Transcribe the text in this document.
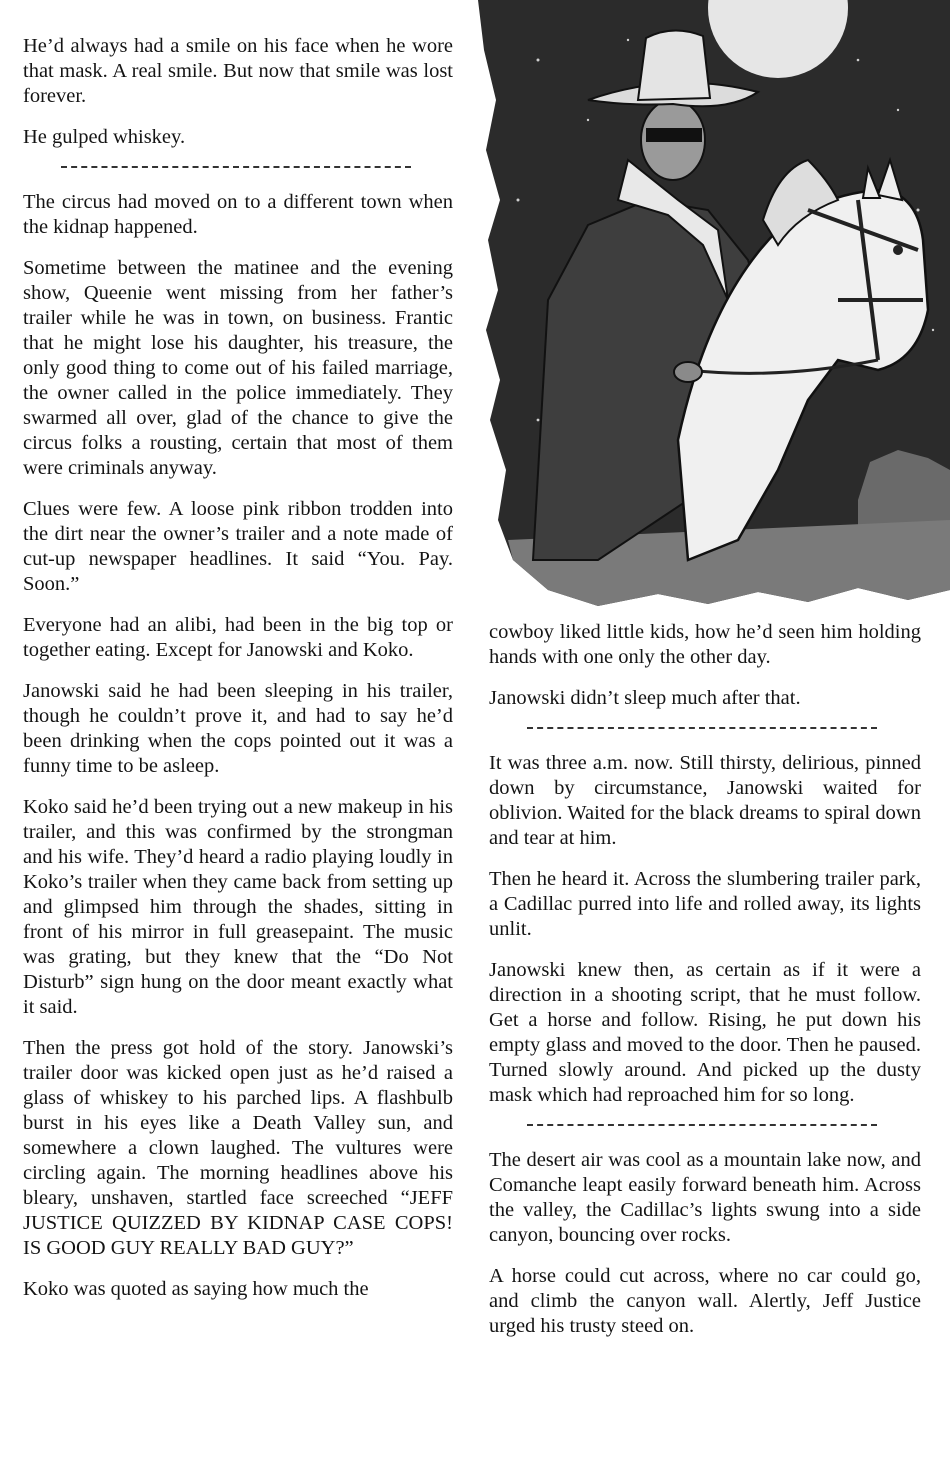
He’d always had a smile on his face when he wore that mask. A real smile. But now that smile was lost forever.

He gulped whiskey.

The circus had moved on to a different town when the kidnap happened.

Sometime between the matinee and the evening show, Queenie went missing from her father’s trailer while he was in town, on business. Frantic that he might lose his daughter, his treasure, the only good thing to come out of his failed marriage, the owner called in the police immediately. They swarmed all over, glad of the chance to give the circus folks a rousting, certain that most of them were criminals anyway.

Clues were few. A loose pink ribbon trodden into the dirt near the owner’s trailer and a note made of cut-up newspaper headlines. It said “You. Pay. Soon.”

Everyone had an alibi, had been in the big top or together eating. Except for Janowski and Koko.

Janowski said he had been sleeping in his trailer, though he couldn’t prove it, and had to say he’d been drinking when the cops pointed out it was a funny time to be asleep.

Koko said he’d been trying out a new makeup in his trailer, and this was confirmed by the strongman and his wife. They’d heard a radio playing loudly in Koko’s trailer when they came back from setting up and glimpsed him through the shades, sitting in front of his mirror in full greasepaint. The music was grating, but they knew that the “Do Not Disturb” sign hung on the door meant exactly what it said.

Then the press got hold of the story. Janowski’s trailer door was kicked open just as he’d raised a glass of whiskey to his parched lips. A flashbulb burst in his eyes like a Death Valley sun, and somewhere a clown laughed. The vultures were circling again. The morning headlines above his bleary, unshaven, startled face screeched “JEFF JUSTICE QUIZZED BY KIDNAP CASE COPS! IS GOOD GUY REALLY BAD GUY?”

Koko was quoted as saying how much the

cowboy liked little kids, how he’d seen him holding hands with one only the other day.

Janowski didn’t sleep much after that.

It was three a.m. now. Still thirsty, delirious, pinned down by circumstance, Janowski waited for oblivion. Waited for the black dreams to spiral down and tear at him.

Then he heard it. Across the slumbering trailer park, a Cadillac purred into life and rolled away, its lights unlit.

Janowski knew then, as certain as if it were a direction in a shooting script, that he must follow. Get a horse and follow. Rising, he put down his empty glass and moved to the door. Then he paused. Turned slowly around. And picked up the dusty mask which had reproached him for so long.

The desert air was cool as a mountain lake now, and Comanche leapt easily forward beneath him. Across the valley, the Cadillac’s lights swung into a side canyon, bouncing over rocks.

A horse could cut across, where no car could go, and climb the canyon wall. Alertly, Jeff Justice urged his trusty steed on.
